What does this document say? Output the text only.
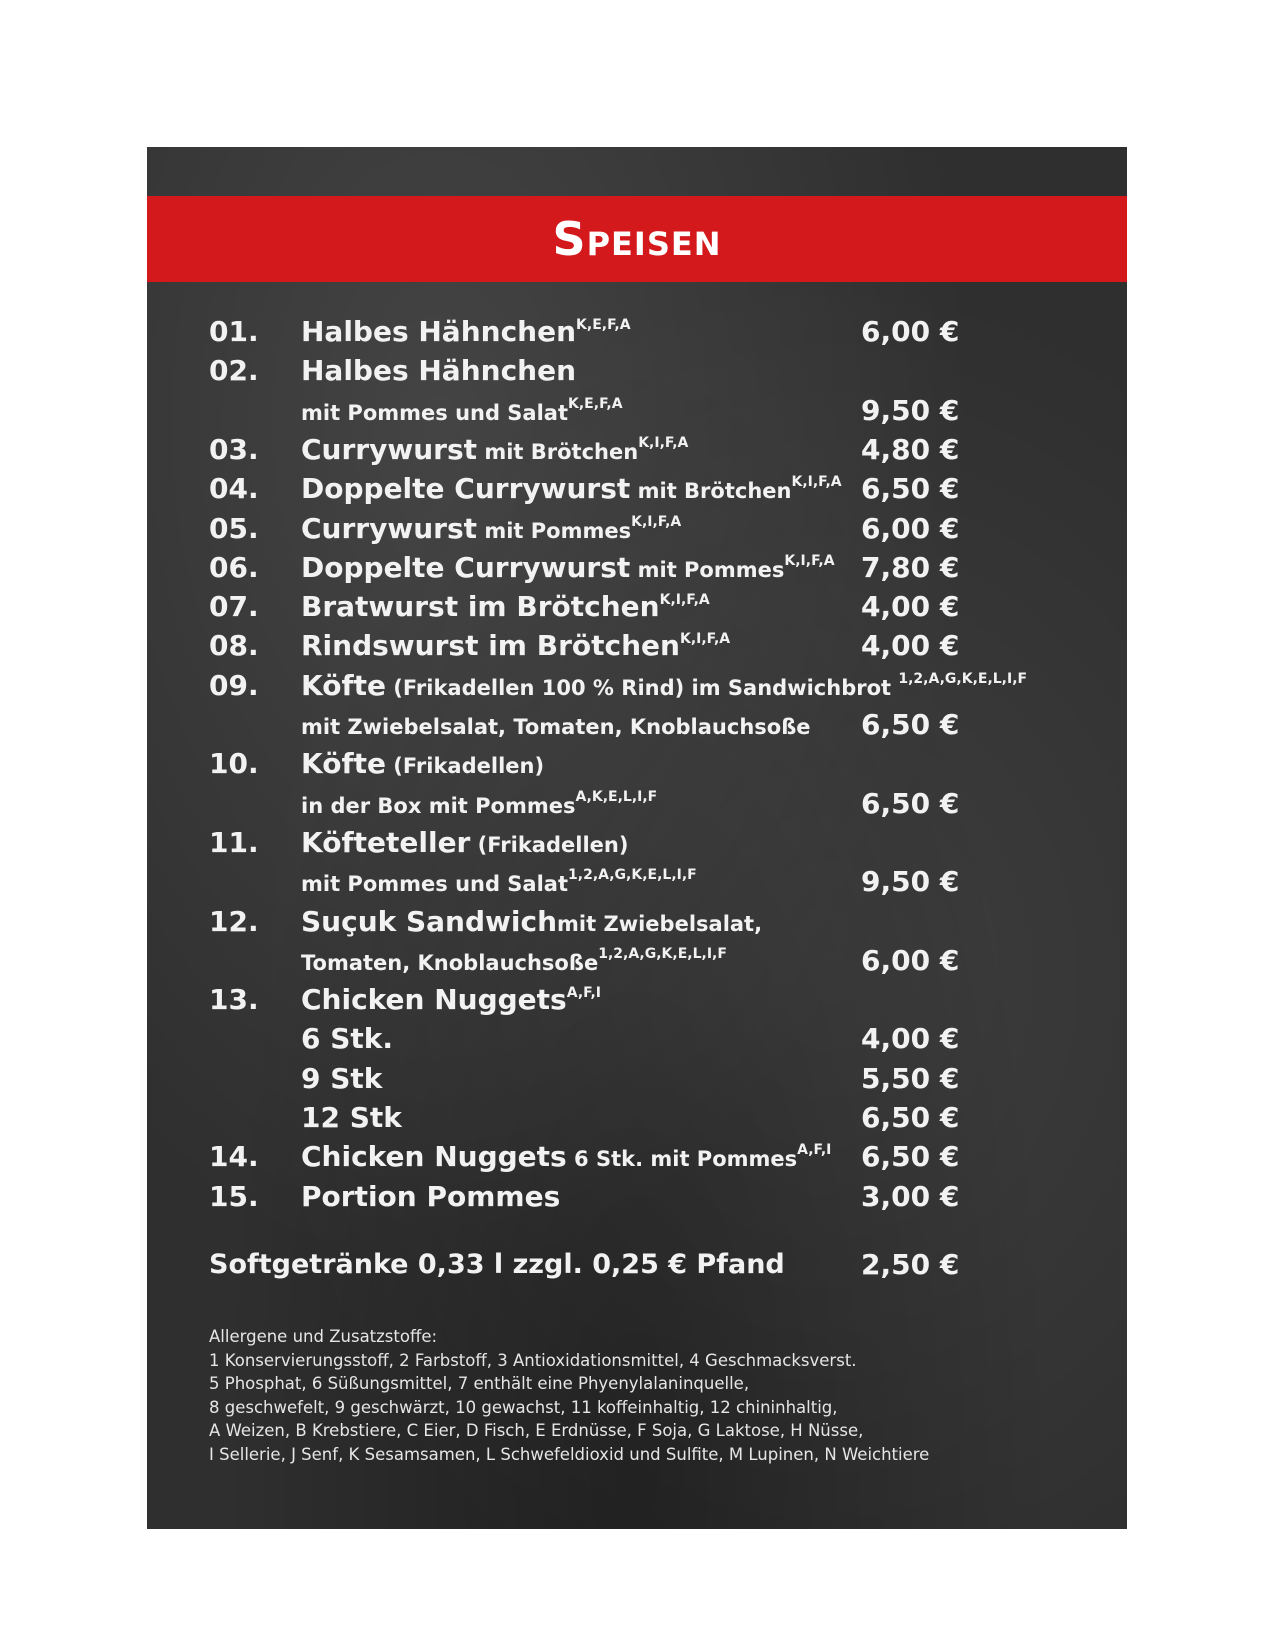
Speisen
01. Halbes Hähnchen$^{K,E,F,A}$	6,00 €
02. Halbes Hähnchen
mit Pommes und Salat$^{K,E,F,A}$	9,50 €
03. Currywurst mit Brötchen$^{K,I,F,A}$	4,80 €
04. Doppelte Currywurst mit Brötchen$^{K,I,F,A}$ 6,50 €
05. Currywurst mit Pommes$^{K,I,F,A}$	6,00 €
06. Doppelte Currywurst mit Pommes$^{K,I,F,A}$ 7,80 €
07. Bratwurst im Brötchen$^{K,I,F,A}$	4,00 €
08. Rindswurst im Brötchen$^{K,I,F,A}$	4,00 €
09. Köfte (Frikadellen 100 % Rind) im Sandwichbrot $^{1,2,A,G,K,E,L,I,F}$
mit Zwiebelsalat, Tomaten, Knoblauchsoße 6,50 €
10. Köfte (Frikadellen)
in der Box mit Pommes$^{A,K,E,L,I,F}$	6,50 €
11. Köfteteller (Frikadellen)
mit Pommes und Salat$^{1,2,A,G,K,E,L,I,F}$	9,50 €
12. Suçuk Sandwichmit Zwiebelsalat,
Tomaten, Knoblauchsoße$^{1,2,A,G,K,E,L,I,F}$	6,00 €
13. Chicken Nuggets$^{A,F,I}$
6 Stk.	4,00 €
9 Stk	5,50 €
12 Stk	6,50 €
14. Chicken Nuggets 6 Stk. mit Pommes$^{A,F,I}$ 6,50 €
15. Portion Pommes	3,00 €
Softgetränke 0,33 l zzgl. 0,25 € Pfand	2,50 €
Allergene und Zusatzstoffe:
1 Konservierungsstoff, 2 Farbstoff, 3 Antioxidationsmittel, 4 Geschmacksverst.
5 Phosphat, 6 Süßungsmittel, 7 enthält eine Phyenylalaninquelle,
8 geschwefelt, 9 geschwärzt, 10 gewachst, 11 koffeinhaltig, 12 chininhaltig,
A Weizen, B Krebstiere, C Eier, D Fisch, E Erdnüsse, F Soja, G Laktose, H Nüsse,
I Sellerie, J Senf, K Sesamsamen, L Schwefeldioxid und Sulfite, M Lupinen, N Weichtiere
